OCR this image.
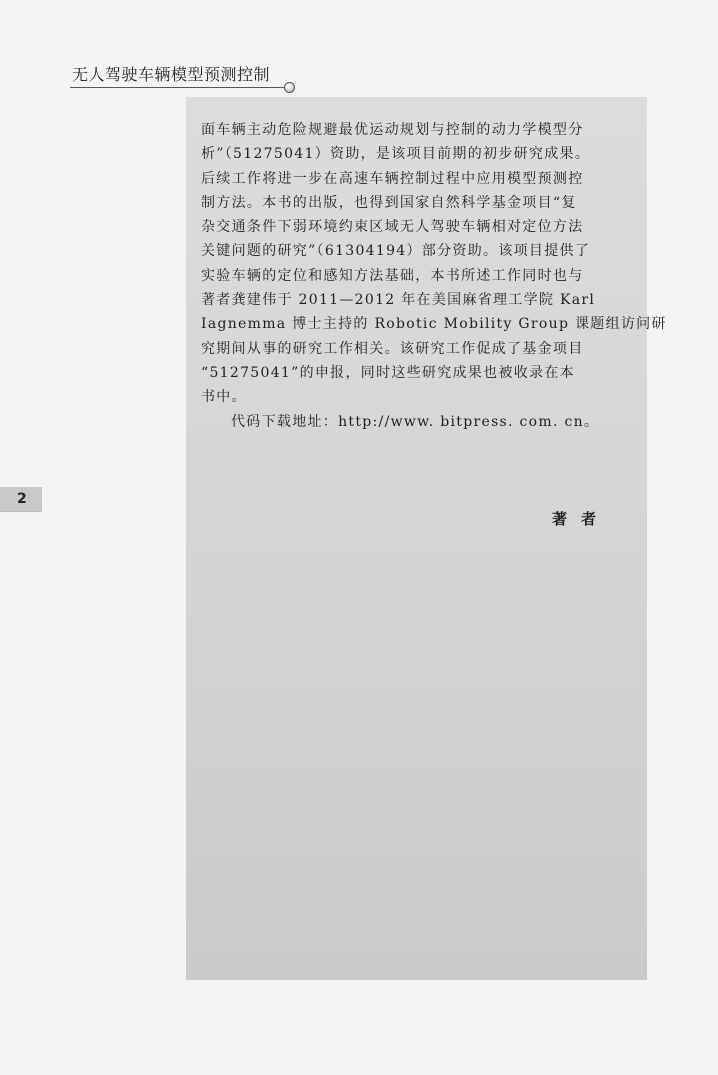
无人驾驶车辆模型预测控制
面车辆主动危险规避最优运动规划与控制的动力学模型分
析”（51275041）资助，是该项目前期的初步研究成果。
后续工作将进一步在高速车辆控制过程中应用模型预测控
制方法。本书的出版，也得到国家自然科学基金项目“复
杂交通条件下弱环境约束区域无人驾驶车辆相对定位方法
关键问题的研究”（61304194）部分资助。该项目提供了
实验车辆的定位和感知方法基础，本书所述工作同时也与
著者龚建伟于 2011—2012 年在美国麻省理工学院 Karl
Iagnemma 博士主持的 Robotic Mobility Group 课题组访问研
究期间从事的研究工作相关。该研究工作促成了基金项目
“51275041”的申报，同时这些研究成果也被收录在本
书中。
代码下载地址：http://www. bitpress. com. cn。
著者
2
